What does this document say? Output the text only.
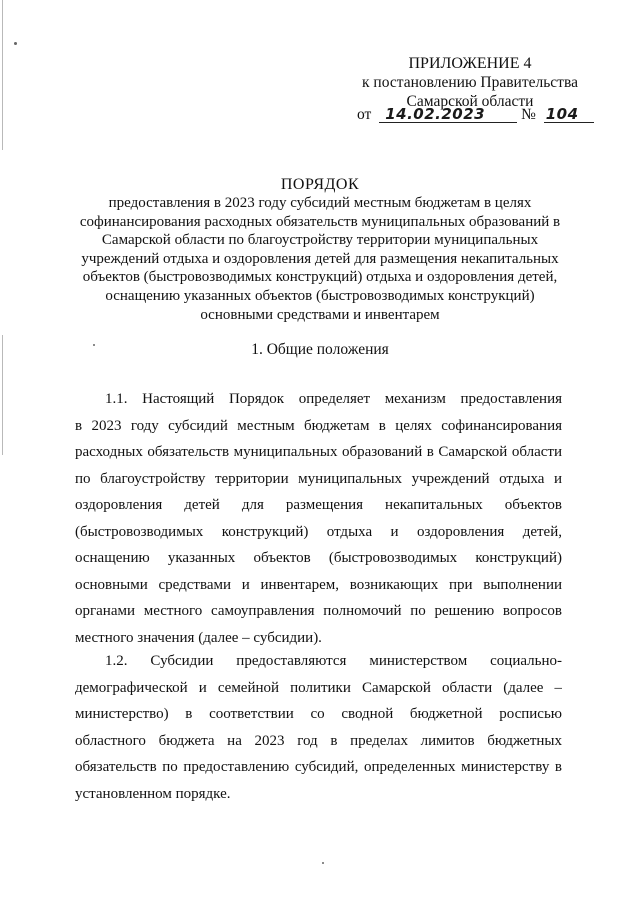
ПРИЛОЖЕНИЕ 4
к постановлению Правительства
Самарской области
от 14.02.2023 № 104
ПОРЯДОК
предоставления в 2023 году субсидий местным бюджетам в целях
софинансирования расходных обязательств муниципальных образований в
Самарской области по благоустройству территории муниципальных
учреждений отдыха и оздоровления детей для размещения некапитальных
объектов (быстровозводимых конструкций) отдыха и оздоровления детей,
оснащению указанных объектов (быстровозводимых конструкций)
основными средствами и инвентарем
1. Общие положения
1.1. Настоящий Порядок определяет механизм предоставления
в 2023 году субсидий местным бюджетам в целях софинансирования
расходных обязательств муниципальных образований в Самарской области
по благоустройству территории муниципальных учреждений отдыха и
оздоровления детей для размещения некапитальных объектов
(быстровозводимых конструкций) отдыха и оздоровления детей,
оснащению указанных объектов (быстровозводимых конструкций)
основными средствами и инвентарем, возникающих при выполнении
органами местного самоуправления полномочий по решению вопросов
местного значения (далее – субсидии).
1.2. Субсидии предоставляются министерством социально-
демографической и семейной политики Самарской области (далее –
министерство) в соответствии со сводной бюджетной росписью
областного бюджета на 2023 год в пределах лимитов бюджетных
обязательств по предоставлению субсидий, определенных министерству в
установленном порядке.
